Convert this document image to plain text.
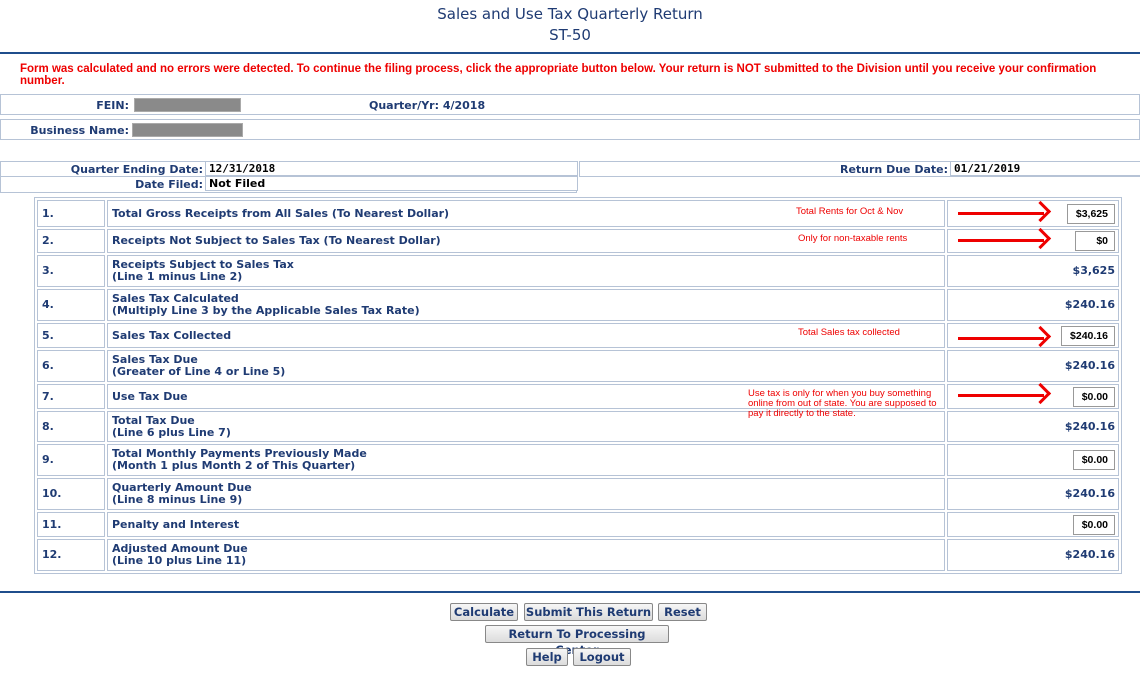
Sales and Use Tax Quarterly Return
ST-50
Form was calculated and no errors were detected. To continue the filing process, click the appropriate button below. Your return is NOT submitted to the Division until you receive your confirmation number.
FEIN:	Quarter/Yr: 4/2018
Business Name:
Quarter Ending Date: 12/31/2018
Date Filed: Not Filed
Return Due Date: 01/21/2019
1.	Total Gross Receipts from All Sales (To Nearest Dollar)	$3,625
2.	Receipts Not Subject to Sales Tax (To Nearest Dollar)	$0
3.	Receipts Subject to Sales Tax
(Line 1 minus Line 2)	$3,625
4.	Sales Tax Calculated
(Multiply Line 3 by the Applicable Sales Tax Rate)	$240.16
5.	Sales Tax Collected	$240.16
6.	Sales Tax Due
(Greater of Line 4 or Line 5)	$240.16
7.	Use Tax Due	$0.00
8.	Total Tax Due
(Line 6 plus Line 7)	$240.16
9.	Total Monthly Payments Previously Made
(Month 1 plus Month 2 of This Quarter)	$0.00
10.	Quarterly Amount Due
(Line 8 minus Line 9)	$240.16
11.	Penalty and Interest	$0.00
12.	Adjusted Amount Due
(Line 10 plus Line 11)	$240.16
Total Rents for Oct & Nov
Only for non-taxable rents
Total Sales tax collected
Use tax is only for when you buy something online from out of state. You are supposed to pay it directly to the state.
Calculate	Submit This Return	Reset
Return To Processing
Help	Logout
